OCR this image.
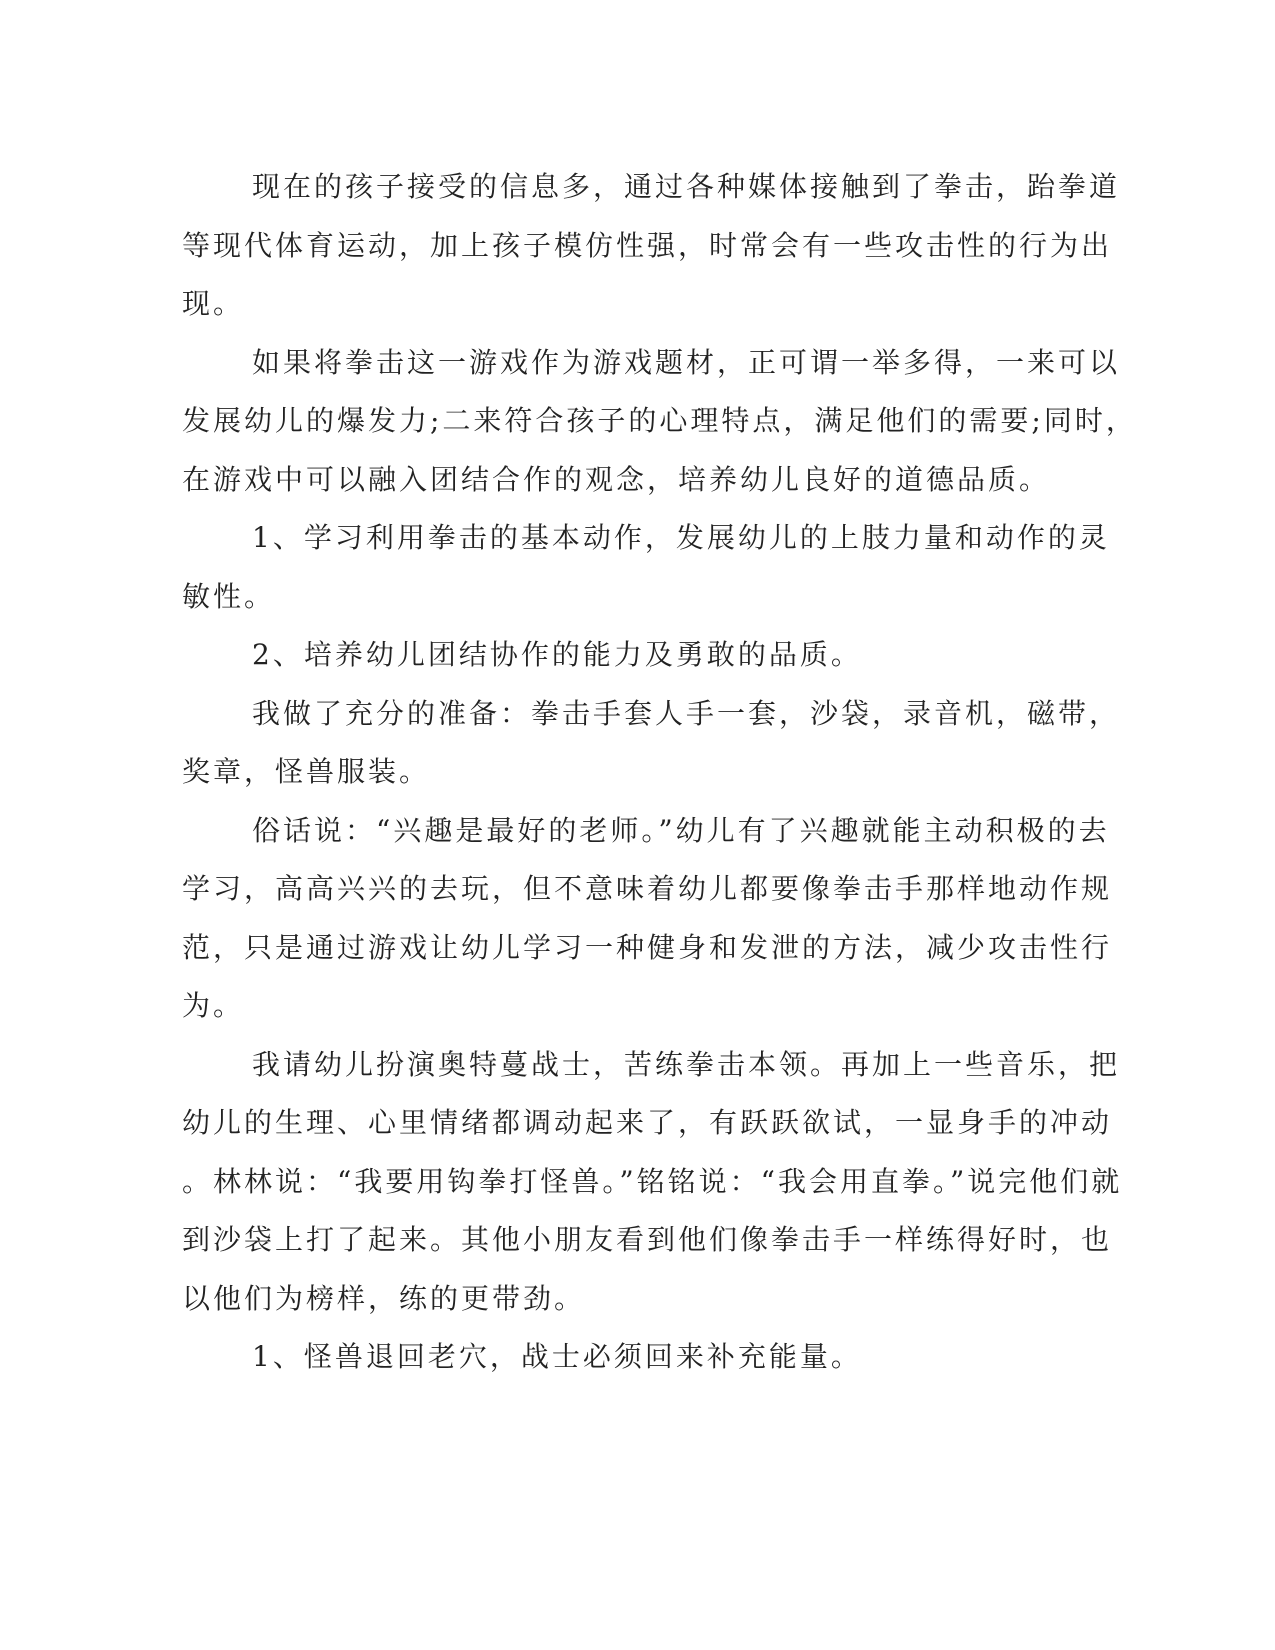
现在的孩子接受的信息多，通过各种媒体接触到了拳击，跆拳道
等现代体育运动，加上孩子模仿性强，时常会有一些攻击性的行为出
现。

如果将拳击这一游戏作为游戏题材，正可谓一举多得，一来可以
发展幼儿的爆发力;二来符合孩子的心理特点，满足他们的需要;同时，
在游戏中可以融入团结合作的观念，培养幼儿良好的道德品质。

1、学习利用拳击的基本动作，发展幼儿的上肢力量和动作的灵
敏性。

2、培养幼儿团结协作的能力及勇敢的品质。

我做了充分的准备：拳击手套人手一套，沙袋，录音机，磁带，
奖章，怪兽服装。

俗话说：“兴趣是最好的老师。”幼儿有了兴趣就能主动积极的去
学习，高高兴兴的去玩，但不意味着幼儿都要像拳击手那样地动作规
范，只是通过游戏让幼儿学习一种健身和发泄的方法，减少攻击性行
为。

我请幼儿扮演奥特蔓战士，苦练拳击本领。再加上一些音乐，把
幼儿的生理、心里情绪都调动起来了，有跃跃欲试，一显身手的冲动
。林林说：“我要用钩拳打怪兽。”铭铭说：“我会用直拳。”说完他们就
到沙袋上打了起来。其他小朋友看到他们像拳击手一样练得好时，也
以他们为榜样，练的更带劲。

1、怪兽退回老穴，战士必须回来补充能量。
